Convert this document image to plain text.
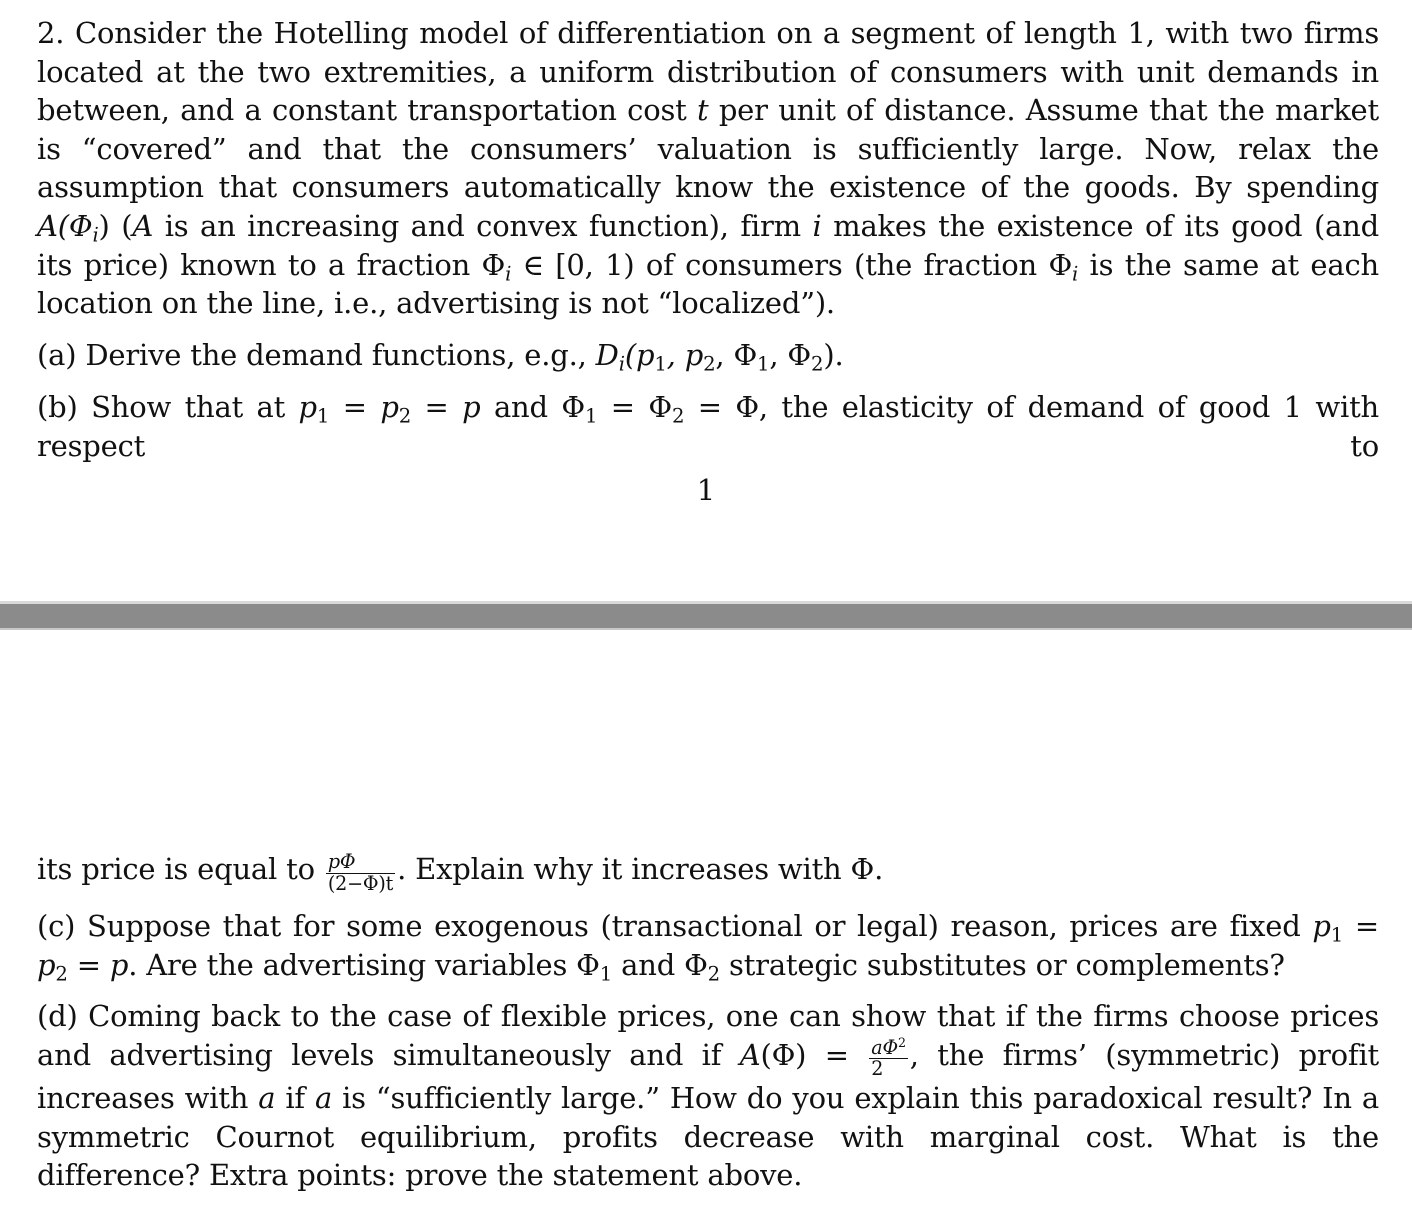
2. Consider the Hotelling model of differentiation on a segment of length 1, with two firms located at the two extremities, a uniform distribution of consumers with unit demands in between, and a constant transportation cost t per unit of distance. Assume that the market is “covered” and that the consumers’ valuation is sufficiently large. Now, relax the assumption that consumers automatically know the existence of the goods. By spending $A(\Phi_i)$ (A is an increasing and convex function), firm i makes the existence of its good (and its price) known to a fraction $\Phi_i$ ∈ [0, 1) of consumers (the fraction $\Phi_i$ is the same at each location on the line, i.e., advertising is not “localized”).
(a) Derive the demand functions, e.g., $D_i(p_1$, $p_2$, $\Phi_1$, $\Phi_2$).
(b) Show that at $p_1 = p_2 = p$ and $\Phi_1 = \Phi_2 = \Phi$, the elasticity of demand of good 1 with respect to
1
its price is equal to $\frac{p\Phi}{(2-\Phi)t}$ . Explain why it increases with Φ.
(c) Suppose that for some exogenous (transactional or legal) reason, prices are fixed $p_1 = p_2 = p$. Are the advertising variables $\Phi_1$ and $\Phi_2$ strategic substitutes or complements?
(d) Coming back to the case of flexible prices, one can show that if the firms choose prices and advertising levels simultaneously and if $A(\Phi) = \frac{a\Phi^2}{2}$ , the firms’ (symmetric) profit increases with a if a is “sufficiently large.” How do you explain this paradoxical result? In a symmetric Cournot equilibrium, profits decrease with marginal cost. What is the difference? Extra points: prove the statement above.
